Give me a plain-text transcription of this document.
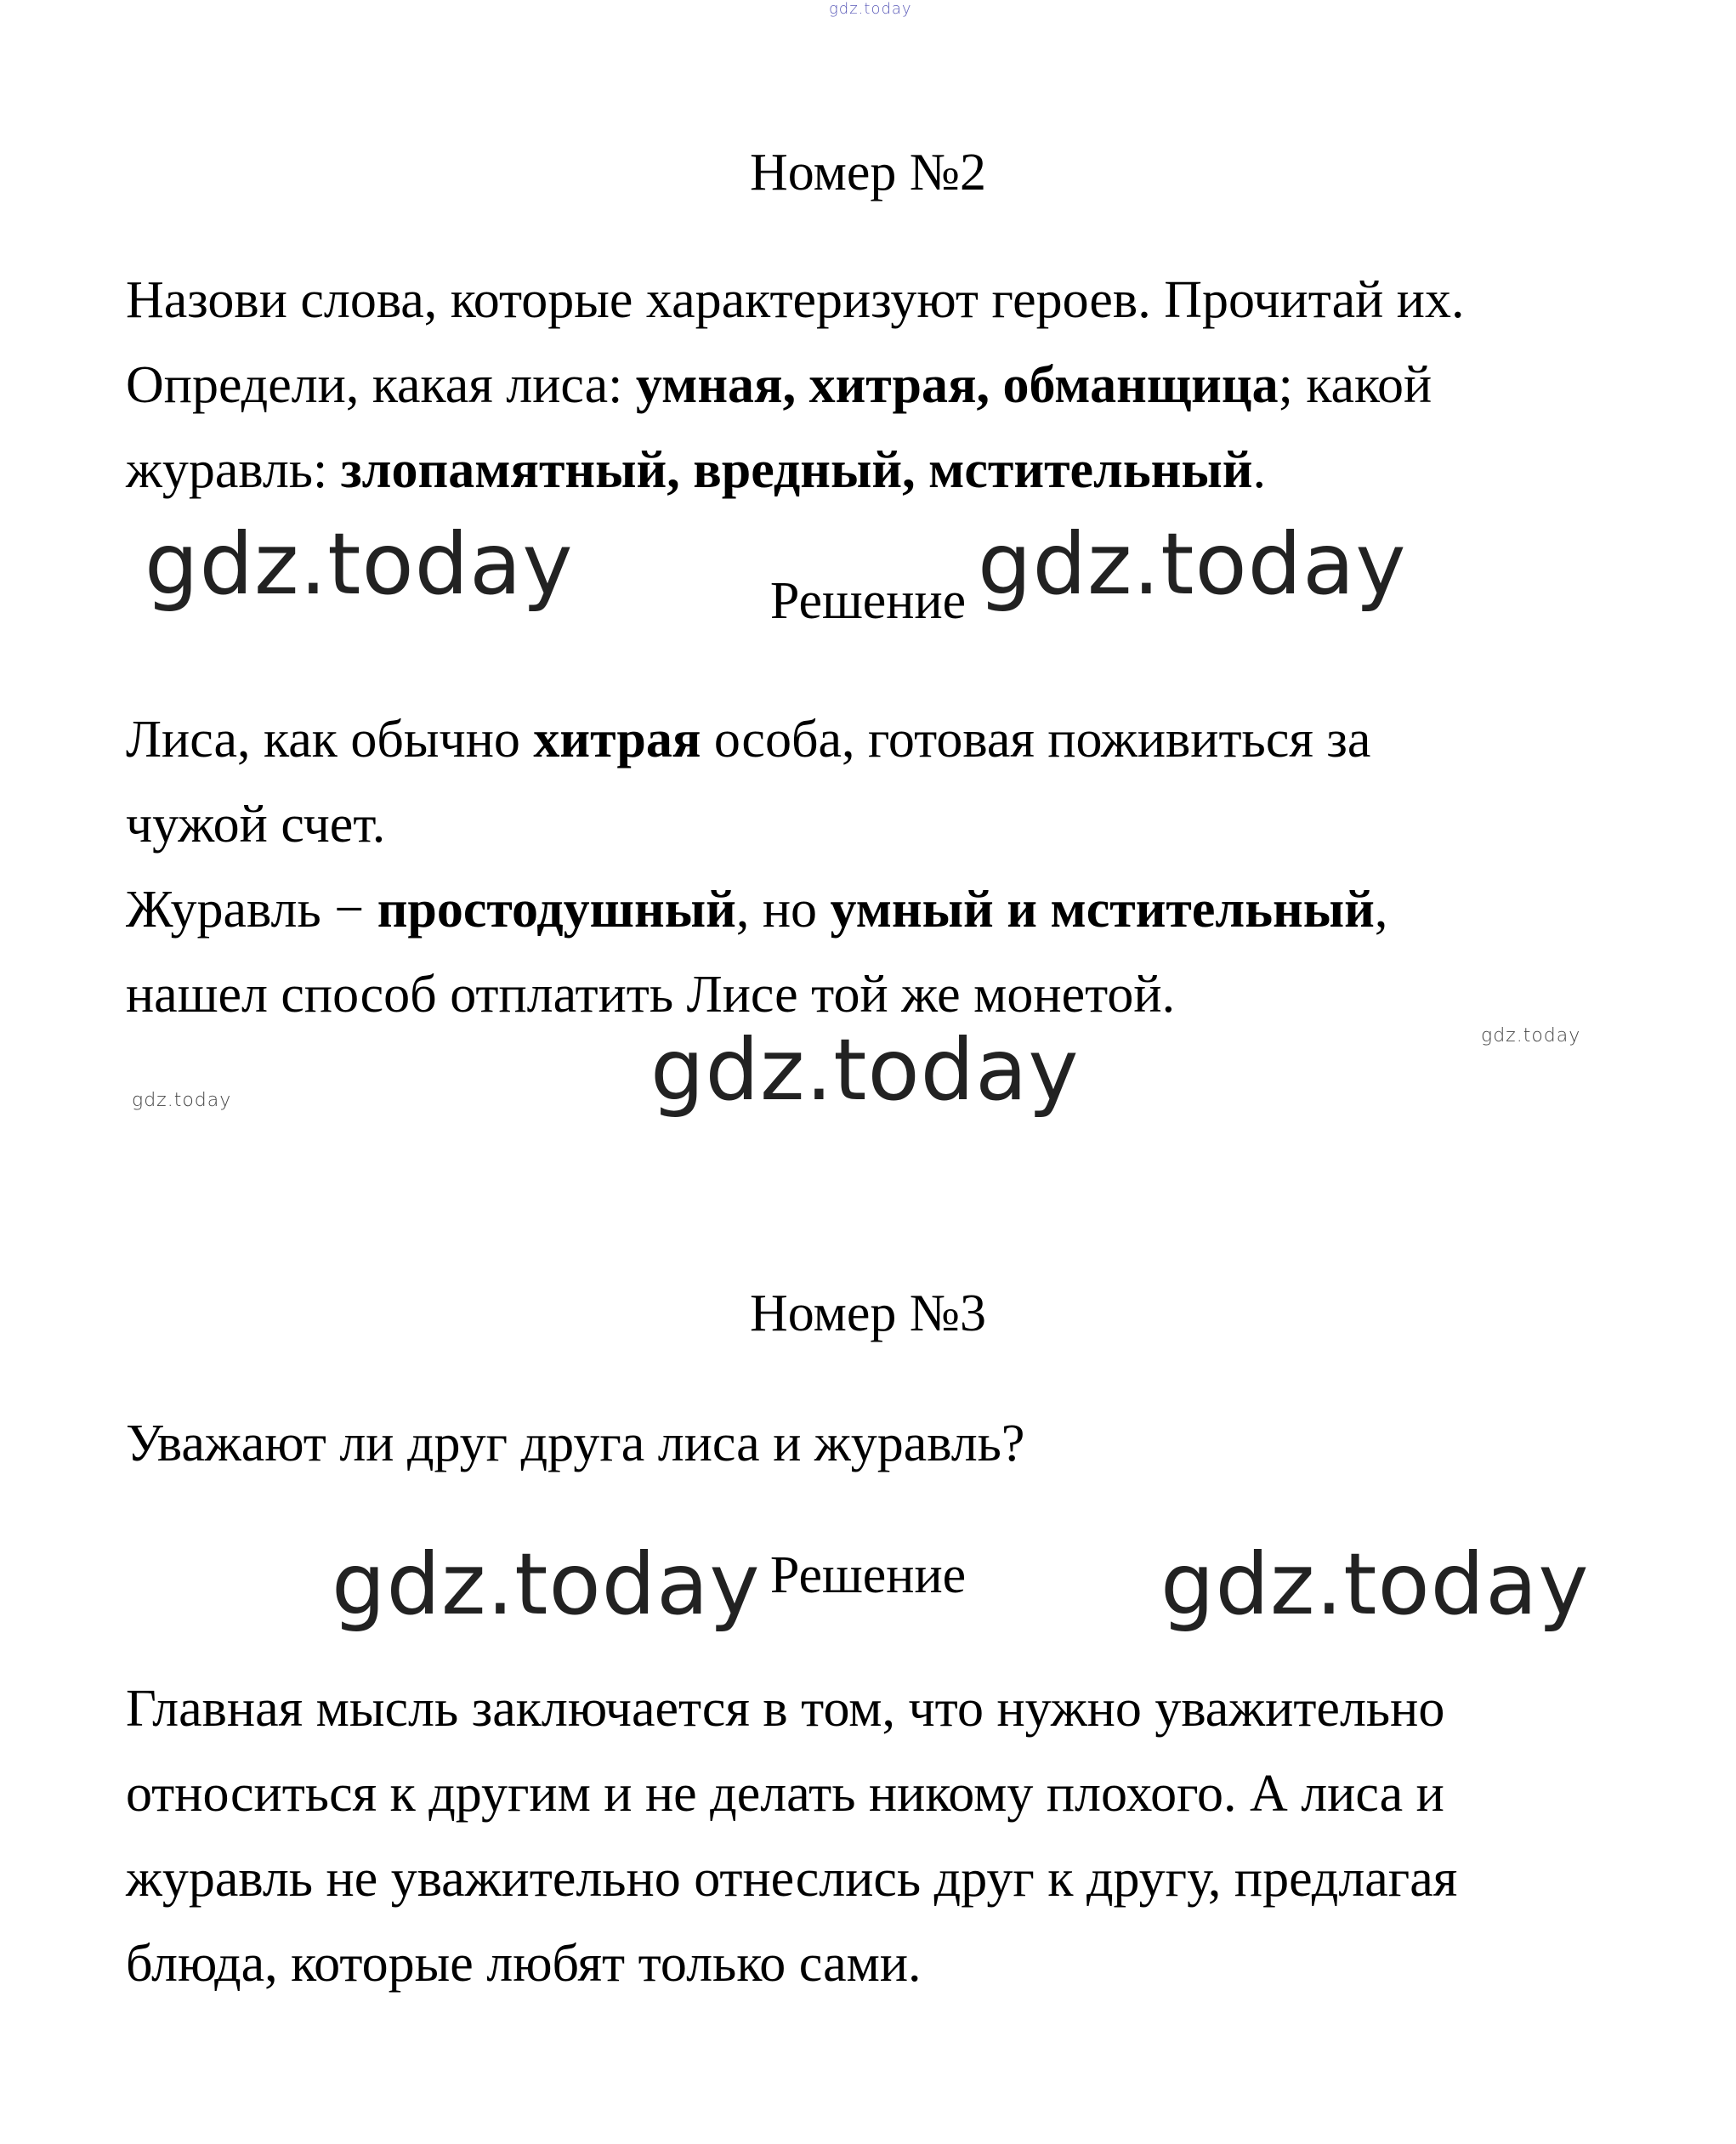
gdz.today
Номер №2
Назови слова, которые характеризуют героев. Прочитай их.
Определи, какая лиса: умная, хитрая, обманщица; какой
журавль: злопамятный, вредный, мстительный.
gdz.today	Решение gdz.today
Лиса, как обычно хитрая особа, готовая поживиться за
чужой счет.
Журавль − простодушный, но умный и мстительный,
нашел способ отплатить Лисе той же монетой.
gdz.today
gdz.today
gdz.today
Номер №3
Уважают ли друг друга лиса и журавль?
gdz.today Решение	gdz.today
Главная мысль заключается в том, что нужно уважительно
относиться к другим и не делать никому плохого. А лиса и
журавль не уважительно отнеслись друг к другу, предлагая
блюда, которые любят только сами.
